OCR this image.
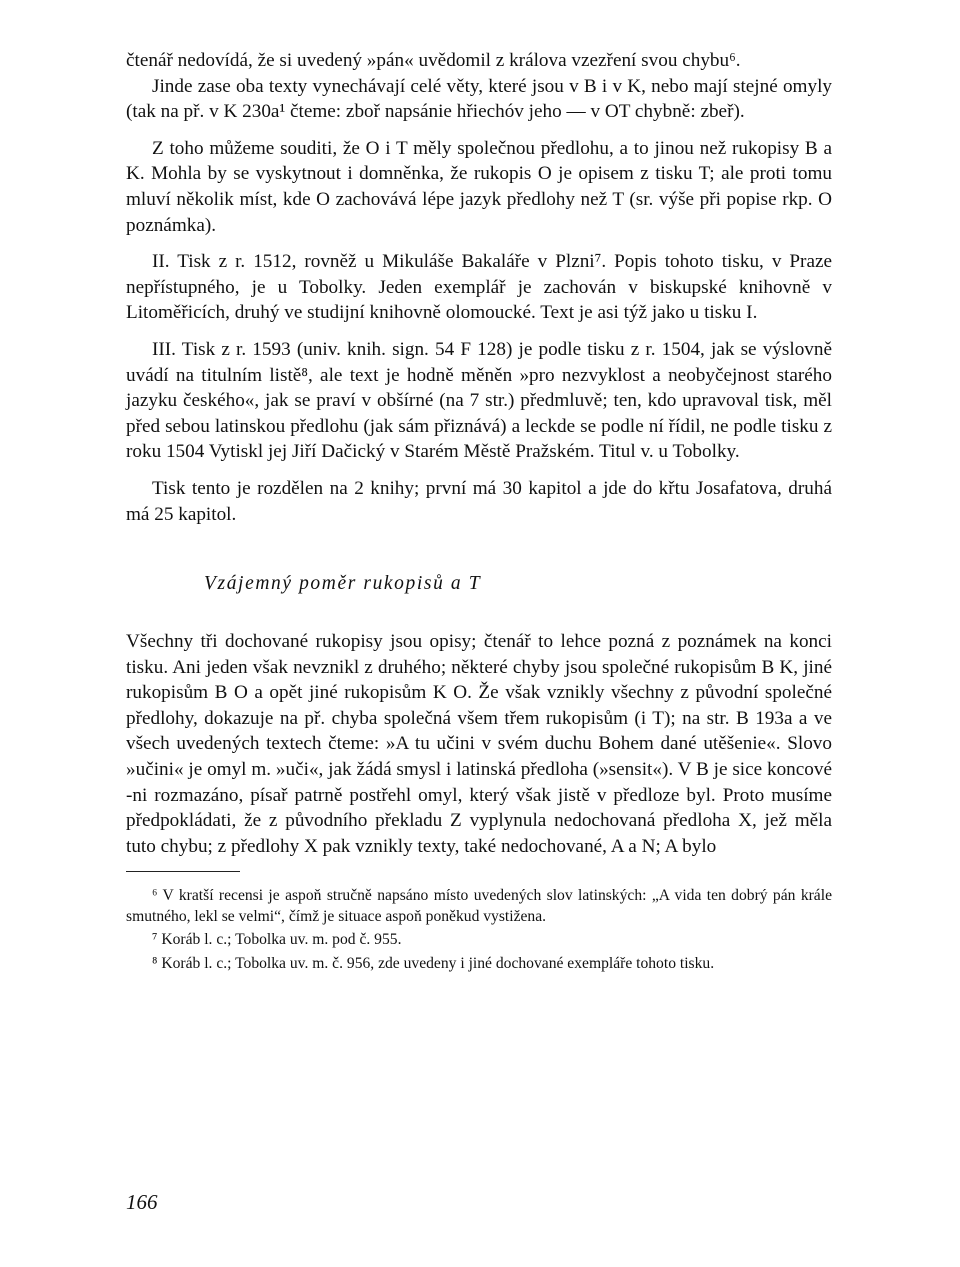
čtenář nedovídá, že si uvedený »pán« uvědomil z králova vzezření svou chybu⁶.

Jinde zase oba texty vynechávají celé věty, které jsou v B i v K, nebo mají stejné omyly (tak na př. v K 230a¹ čteme: zboř napsánie hřiechóv jeho — v OT chybně: zbeř).

Z toho můžeme souditi, že O i T měly společnou předlohu, a to jinou než rukopisy B a K. Mohla by se vyskytnout i domněnka, že rukopis O je opisem z tisku T; ale proti tomu mluví několik míst, kde O zachovává lépe jazyk předlohy než T (sr. výše při popise rkp. O poznámka).

II. Tisk z r. 1512, rovněž u Mikuláše Bakaláře v Plzni⁷. Popis tohoto tisku, v Praze nepřístupného, je u Tobolky. Jeden exemplář je zachován v biskupské knihovně v Litoměřicích, druhý ve studijní knihovně olomoucké. Text je asi týž jako u tisku I.

III. Tisk z r. 1593 (univ. knih. sign. 54 F 128) je podle tisku z r. 1504, jak se výslovně uvádí na titulním listě⁸, ale text je hodně měněn »pro nezvyklost a neobyčejnost starého jazyku českého«, jak se praví v obšírné (na 7 str.) předmluvě; ten, kdo upravoval tisk, měl před sebou latinskou předlohu (jak sám přiznává) a leckde se podle ní řídil, ne podle tisku z roku 1504 Vytiskl jej Jiří Dačický v Starém Městě Pražském. Titul v. u Tobolky.

Tisk tento je rozdělen na 2 knihy; první má 30 kapitol a jde do křtu Josafatova, druhá má 25 kapitol.

Vzájemný poměr rukopisů a T

Všechny tři dochované rukopisy jsou opisy; čtenář to lehce pozná z poznámek na konci tisku. Ani jeden však nevznikl z druhého; některé chyby jsou společné rukopisům B K, jiné rukopisům B O a opět jiné rukopisům K O. Že však vznikly všechny z původní společné předlohy, dokazuje na př. chyba společná všem třem rukopisům (i T); na str. B 193a a ve všech uvedených textech čteme: »A tu učini v svém duchu Bohem dané utěšenie«. Slovo »učini« je omyl m. »uči«, jak žádá smysl i latinská předloha (»sensit«). V B je sice koncové -ni rozmazáno, písař patrně postřehl omyl, který však jistě v předloze byl. Proto musíme předpokládati, že z původního překladu Z vyplynula nedochovaná předloha X, jež měla tuto chybu; z předlohy X pak vznikly texty, také nedochované, A a N; A bylo

⁶ V kratší recensi je aspoň stručně napsáno místo uvedených slov latinských: „A vida ten dobrý pán krále smutného, lekl se velmi“, čímž je situace aspoň poněkud vystižena.

⁷ Koráb l. c.; Tobolka uv. m. pod č. 955.

⁸ Koráb l. c.; Tobolka uv. m. č. 956, zde uvedeny i jiné dochované exempláře tohoto tisku.

166
